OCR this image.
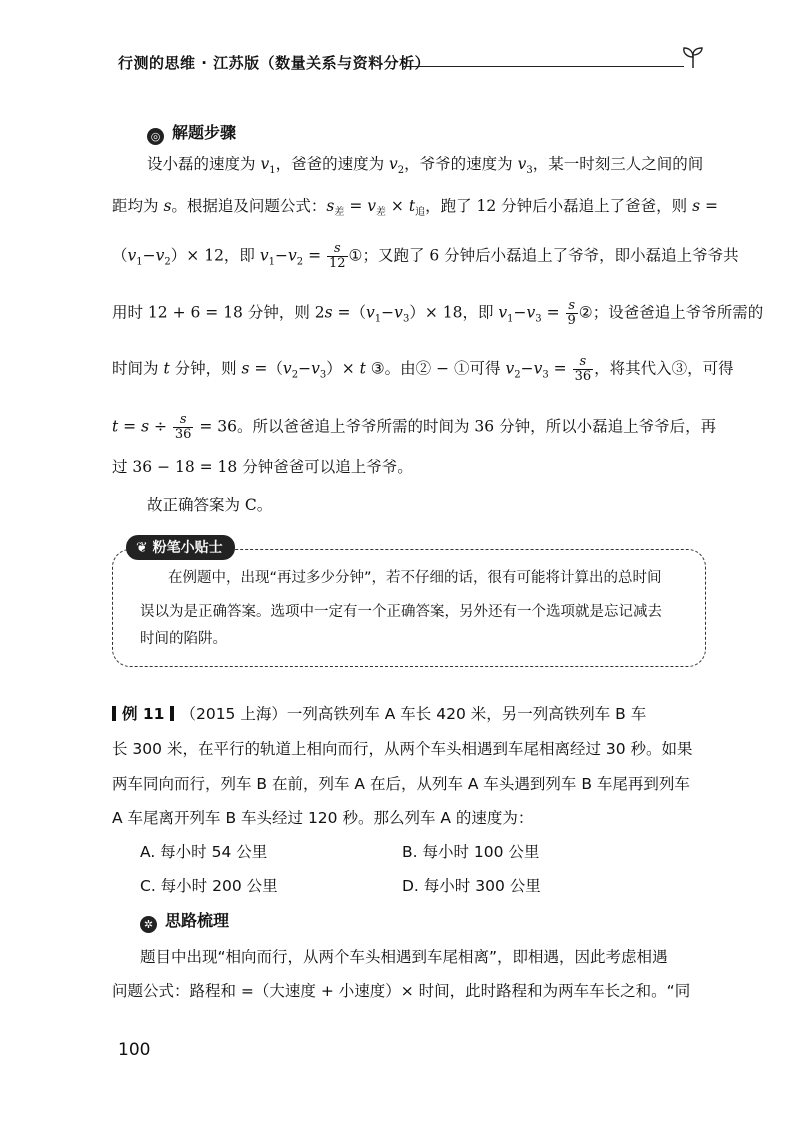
行测的思维 · 江苏版（数量关系与资料分析）
◎ 解题步骤
设小磊的速度为 $v_1$，爸爸的速度为 $v_2$，爷爷的速度为 $v_3$，某一时刻三人之间的间
距均为 s。根据追及问题公式：$s_差 = v_差 \times t_追$，跑了 12 分钟后小磊追上了爸爸，则 s =
$(v_1-v_2)\times 12$，即 $v_1-v_2 = \frac{s}{12}$ ①；又跑了 6 分钟后小磊追上了爷爷，即小磊追上爷爷共
用时 12 + 6 = 18 分钟，则 $2s =(v_1-v_3)\times 18$，即 $v_1-v_3 = \frac{s}{9}$ ②；设爸爸追上爷爷所需的
时间为 t 分钟，则 $s =(v_2-v_3)\times t$ ③。由② − ①可得 $v_2-v_3 = \frac{s}{36}$ ，将其代入③，可得
$t = s \div \frac{s}{36} = 36$。所以爸爸追上爷爷所需的时间为 36 分钟，所以小磊追上爷爷后，再
过 36 − 18 = 18 分钟爸爸可以追上爷爷。
故正确答案为 C。
❦ 粉笔小贴士
在例题中，出现“再过多少分钟”，若不仔细的话，很有可能将计算出的总时间
误以为是正确答案。选项中一定有一个正确答案，另外还有一个选项就是忘记减去
时间的陷阱。
例 11 （2015 上海）一列高铁列车 A 车长 420 米，另一列高铁列车 B 车
长 300 米，在平行的轨道上相向而行，从两个车头相遇到车尾相离经过 30 秒。如果
两车同向而行，列车 B 在前，列车 A 在后，从列车 A 车头遇到列车 B 车尾再到列车
A 车尾离开列车 B 车头经过 120 秒。那么列车 A 的速度为：
A. 每小时 54 公里	B. 每小时 100 公里
C. 每小时 200 公里	D. 每小时 300 公里
✲ 思路梳理
题目中出现“相向而行，从两个车头相遇到车尾相离”，即相遇，因此考虑相遇
问题公式：路程和 =（大速度 + 小速度）× 时间，此时路程和为两车车长之和。“同
100
